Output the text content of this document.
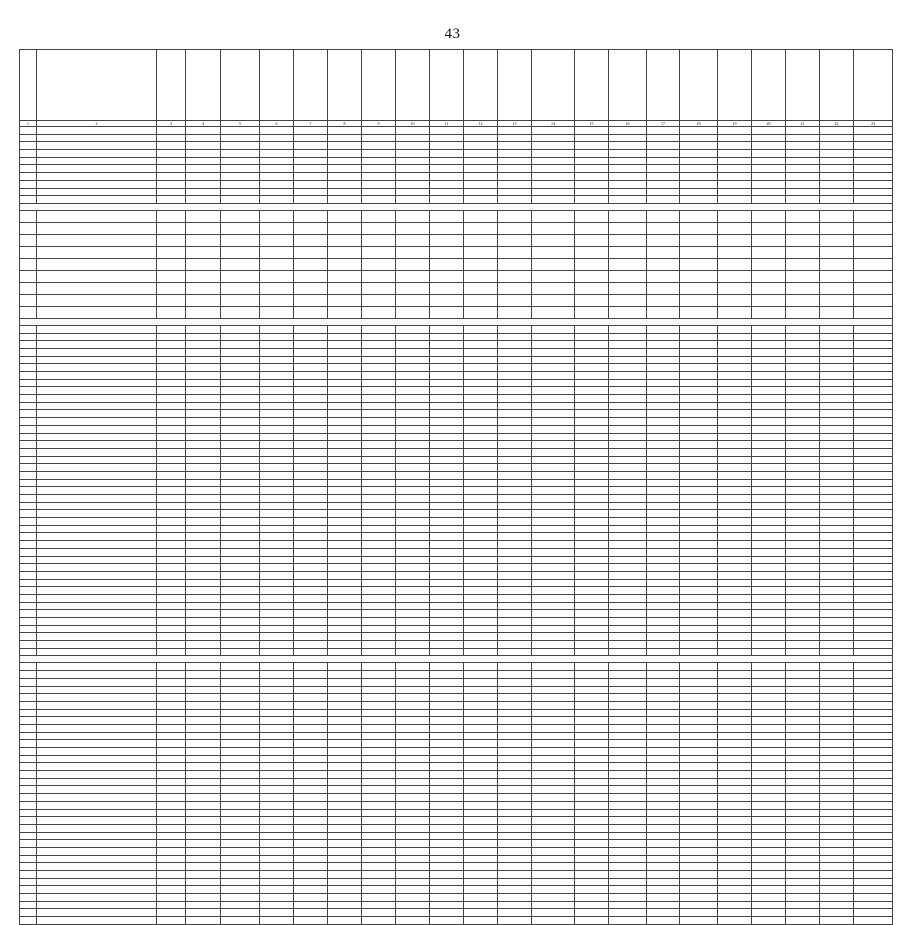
43

1	2	3	4	5	6	7	8	9	10	11	12	13	14	15	16	17	18	19	20	21	22	23
